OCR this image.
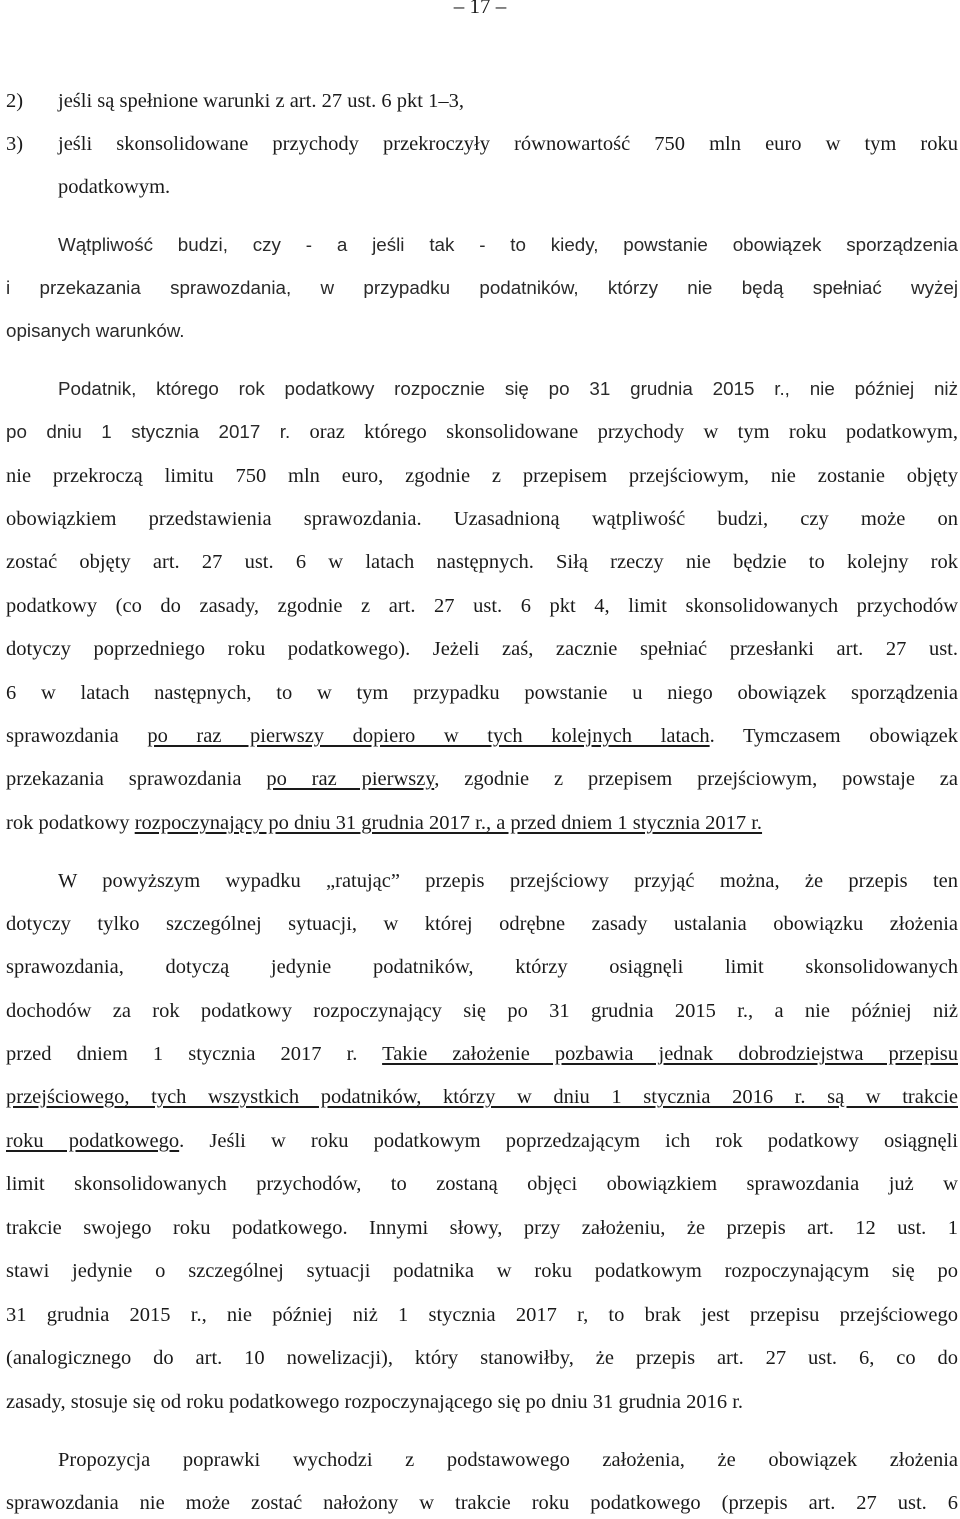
– 17 –
2) jeśli są spełnione warunki z art. 27 ust. 6 pkt 1–3,
3) jeśli skonsolidowane przychody przekroczyły równowartość 750 mln euro w tym roku
podatkowym.
Wątpliwość budzi, czy - a jeśli tak - to kiedy, powstanie obowiązek sporządzenia
i przekazania sprawozdania, w przypadku podatników, którzy nie będą spełniać wyżej
opisanych warunków.
Podatnik, którego rok podatkowy rozpocznie się po 31 grudnia 2015 r., nie później niż
po dniu 1 stycznia 2017 r. oraz którego skonsolidowane przychody w tym roku podatkowym,
nie przekroczą limitu 750 mln euro, zgodnie z przepisem przejściowym, nie zostanie objęty
obowiązkiem przedstawienia sprawozdania. Uzasadnioną wątpliwość budzi, czy może on
zostać objęty art. 27 ust. 6 w latach następnych. Siłą rzeczy nie będzie to kolejny rok
podatkowy (co do zasady, zgodnie z art. 27 ust. 6 pkt 4, limit skonsolidowanych przychodów
dotyczy poprzedniego roku podatkowego). Jeżeli zaś, zacznie spełniać przesłanki art. 27 ust.
6 w latach następnych, to w tym przypadku powstanie u niego obowiązek sporządzenia
sprawozdania po raz pierwszy dopiero w tych kolejnych latach. Tymczasem obowiązek
przekazania sprawozdania po raz pierwszy, zgodnie z przepisem przejściowym, powstaje za
rok podatkowy rozpoczynający po dniu 31 grudnia 2017 r., a przed dniem 1 stycznia 2017 r.
W powyższym wypadku „ratując” przepis przejściowy przyjąć można, że przepis ten
dotyczy tylko szczególnej sytuacji, w której odrębne zasady ustalania obowiązku złożenia
sprawozdania, dotyczą jedynie podatników, którzy osiągnęli limit skonsolidowanych
dochodów za rok podatkowy rozpoczynający się po 31 grudnia 2015 r., a nie później niż
przed dniem 1 stycznia 2017 r. Takie założenie pozbawia jednak dobrodziejstwa przepisu
przejściowego, tych wszystkich podatników, którzy w dniu 1 stycznia 2016 r. są w trakcie
roku podatkowego. Jeśli w roku podatkowym poprzedzającym ich rok podatkowy osiągnęli
limit skonsolidowanych przychodów, to zostaną objęci obowiązkiem sprawozdania już w
trakcie swojego roku podatkowego. Innymi słowy, przy założeniu, że przepis art. 12 ust. 1
stawi jedynie o szczególnej sytuacji podatnika w roku podatkowym rozpoczynającym się po
31 grudnia 2015 r., nie później niż 1 stycznia 2017 r, to brak jest przepisu przejściowego
(analogicznego do art. 10 nowelizacji), który stanowiłby, że przepis art. 27 ust. 6, co do
zasady, stosuje się od roku podatkowego rozpoczynającego się po dniu 31 grudnia 2016 r.
Propozycja poprawki wychodzi z podstawowego założenia, że obowiązek złożenia
sprawozdania nie może zostać nałożony w trakcie roku podatkowego (przepis art. 27 ust. 6
